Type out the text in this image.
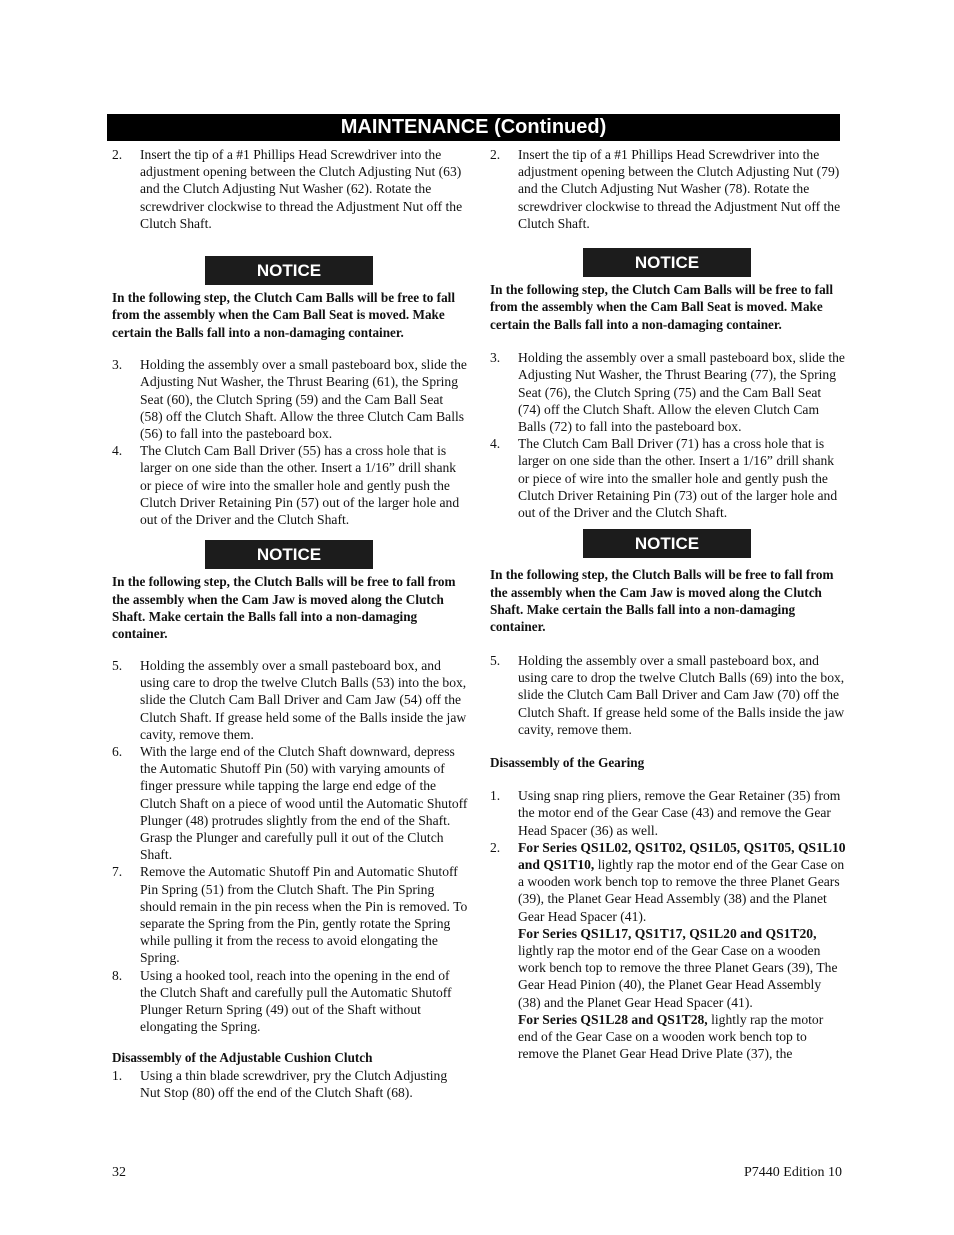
MAINTENANCE (Continued)
2. Insert the tip of a #1 Phillips Head Screwdriver into the adjustment opening between the Clutch Adjusting Nut (63) and the Clutch Adjusting Nut Washer (62). Rotate the screwdriver clockwise to thread the Adjustment Nut off the Clutch Shaft.
NOTICE
In the following step, the Clutch Cam Balls will be free to fall from the assembly when the Cam Ball Seat is moved. Make certain the Balls fall into a non-damaging container.
3. Holding the assembly over a small pasteboard box, slide the Adjusting Nut Washer, the Thrust Bearing (61), the Spring Seat (60), the Clutch Spring (59) and the Cam Ball Seat (58) off the Clutch Shaft. Allow the three Clutch Cam Balls (56) to fall into the pasteboard box.
4. The Clutch Cam Ball Driver (55) has a cross hole that is larger on one side than the other. Insert a 1/16” drill shank or piece of wire into the smaller hole and gently push the Clutch Driver Retaining Pin (57) out of the larger hole and out of the Driver and the Clutch Shaft.
NOTICE
In the following step, the Clutch Balls will be free to fall from the assembly when the Cam Jaw is moved along the Clutch Shaft. Make certain the Balls fall into a non-damaging container.
5. Holding the assembly over a small pasteboard box, and using care to drop the twelve Clutch Balls (53) into the box, slide the Clutch Cam Ball Driver and Cam Jaw (54) off the Clutch Shaft. If grease held some of the Balls inside the jaw cavity, remove them.
6. With the large end of the Clutch Shaft downward, depress the Automatic Shutoff Pin (50) with varying amounts of finger pressure while tapping the large end edge of the Clutch Shaft on a piece of wood until the Automatic Shutoff Plunger (48) protrudes slightly from the end of the Shaft. Grasp the Plunger and carefully pull it out of the Clutch Shaft.
7. Remove the Automatic Shutoff Pin and Automatic Shutoff Pin Spring (51) from the Clutch Shaft. The Pin Spring should remain in the pin recess when the Pin is removed. To separate the Spring from the Pin, gently rotate the Spring while pulling it from the recess to avoid elongating the Spring.
8. Using a hooked tool, reach into the opening in the end of the Clutch Shaft and carefully pull the Automatic Shutoff Plunger Return Spring (49) out of the Shaft without elongating the Spring.
Disassembly of the Adjustable Cushion Clutch
1. Using a thin blade screwdriver, pry the Clutch Adjusting Nut Stop (80) off the end of the Clutch Shaft (68).
2. Insert the tip of a #1 Phillips Head Screwdriver into the adjustment opening between the Clutch Adjusting Nut (79) and the Clutch Adjusting Nut Washer (78). Rotate the screwdriver clockwise to thread the Adjustment Nut off the Clutch Shaft.
NOTICE
In the following step, the Clutch Cam Balls will be free to fall from the assembly when the Cam Ball Seat is moved. Make certain the Balls fall into a non-damaging container.
3. Holding the assembly over a small pasteboard box, slide the Adjusting Nut Washer, the Thrust Bearing (77), the Spring Seat (76), the Clutch Spring (75) and the Cam Ball Seat (74) off the Clutch Shaft. Allow the eleven Clutch Cam Balls (72) to fall into the pasteboard box.
4. The Clutch Cam Ball Driver (71) has a cross hole that is larger on one side than the other. Insert a 1/16” drill shank or piece of wire into the smaller hole and gently push the Clutch Driver Retaining Pin (73) out of the larger hole and out of the Driver and the Clutch Shaft.
NOTICE
In the following step, the Clutch Balls will be free to fall from the assembly when the Cam Jaw is moved along the Clutch Shaft. Make certain the Balls fall into a non-damaging container.
5. Holding the assembly over a small pasteboard box, and using care to drop the twelve Clutch Balls (69) into the box, slide the Clutch Cam Ball Driver and Cam Jaw (70) off the Clutch Shaft. If grease held some of the Balls inside the jaw cavity, remove them.
Disassembly of the Gearing
1. Using snap ring pliers, remove the Gear Retainer (35) from the motor end of the Gear Case (43) and remove the Gear Head Spacer (36) as well.
2. For Series QS1L02, QS1T02, QS1L05, QS1T05, QS1L10 and QS1T10, lightly rap the motor end of the Gear Case on a wooden work bench top to remove the three Planet Gears (39), the Planet Gear Head Assembly (38) and the Planet Gear Head Spacer (41).
For Series QS1L17, QS1T17, QS1L20 and QS1T20, lightly rap the motor end of the Gear Case on a wooden work bench top to remove the three Planet Gears (39), The Gear Head Pinion (40), the Planet Gear Head Assembly (38) and the Planet Gear Head Spacer (41).
For Series QS1L28 and QS1T28, lightly rap the motor end of the Gear Case on a wooden work bench top to remove the Planet Gear Head Drive Plate (37), the
32	P7440 Edition 10
